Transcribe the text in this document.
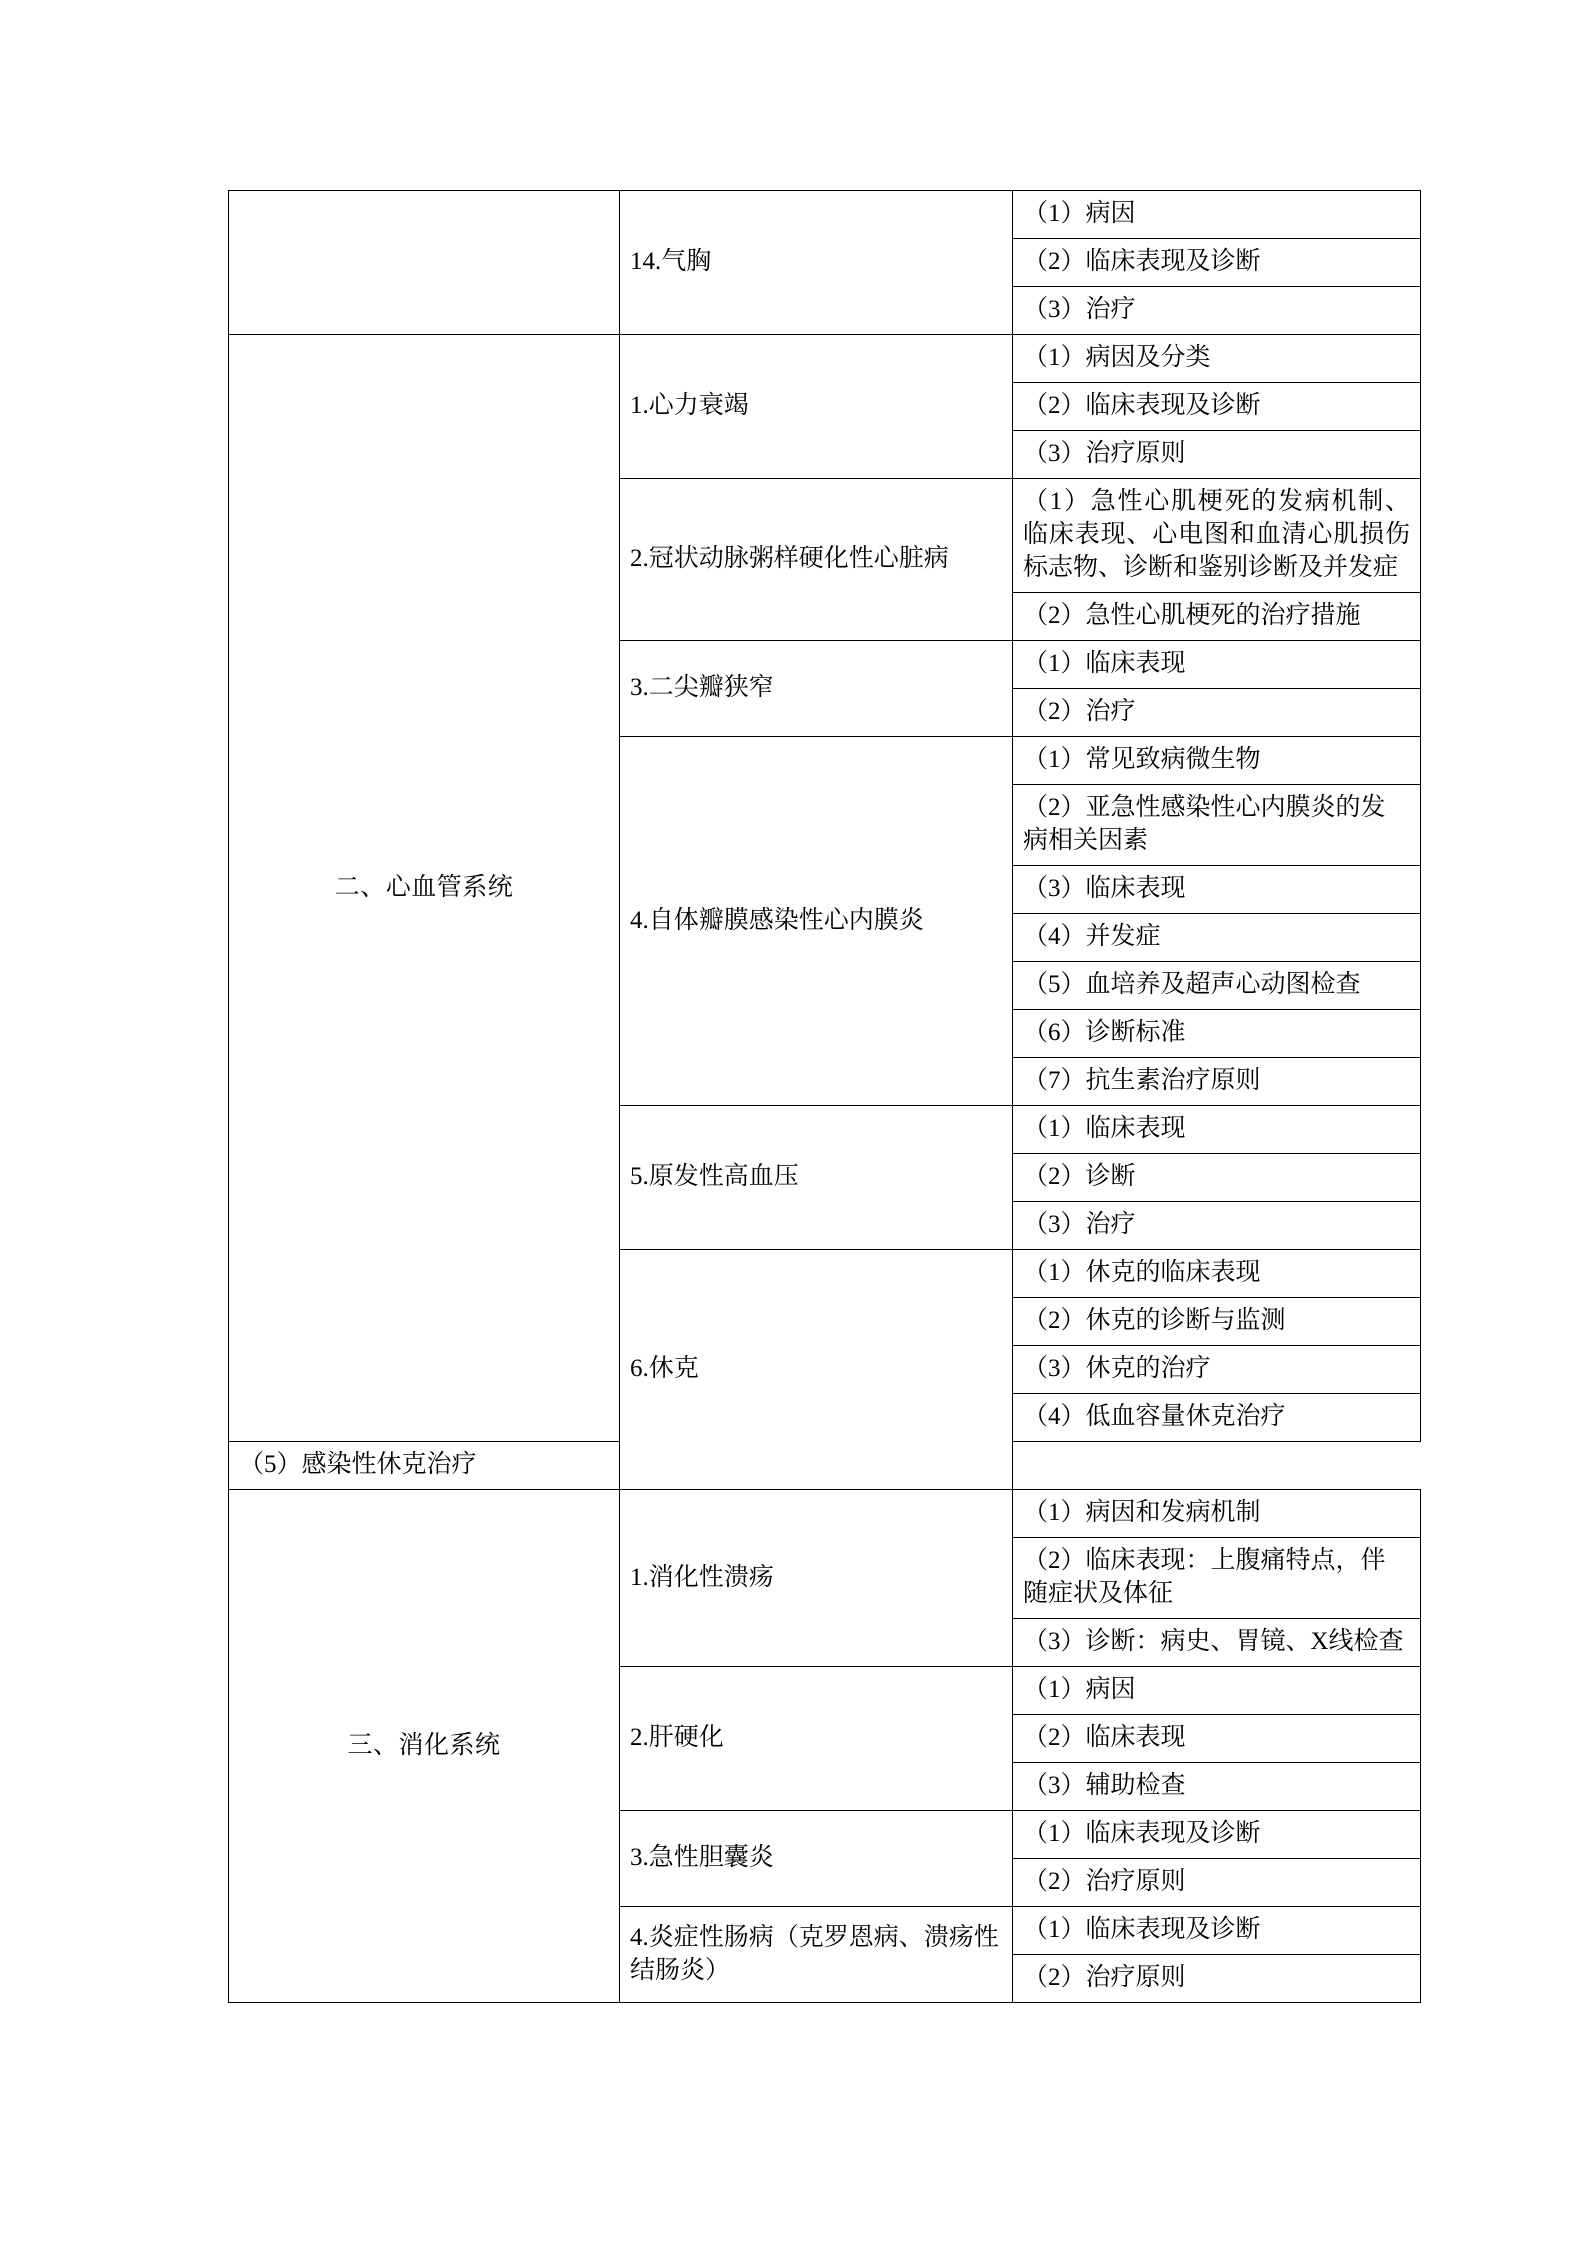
	14.气胸	（1）病因
		（2）临床表现及诊断
		（3）治疗
二、心血管系统	1.心力衰竭	（1）病因及分类
		（2）临床表现及诊断
		（3）治疗原则
	2.冠状动脉粥样硬化性心脏病	（1）急性心肌梗死的发病机制、临床表现、心电图和血清心肌损伤标志物、诊断和鉴别诊断及并发症
		（2）急性心肌梗死的治疗措施
	3.二尖瓣狭窄	（1）临床表现
		（2）治疗
	4.自体瓣膜感染性心内膜炎	（1）常见致病微生物
		（2）亚急性感染性心内膜炎的发病相关因素
		（3）临床表现
		（4）并发症
		（5）血培养及超声心动图检查
		（6）诊断标准
		（7）抗生素治疗原则
	5.原发性高血压	（1）临床表现
		（2）诊断
		（3）治疗
	6.休克	（1）休克的临床表现
		（2）休克的诊断与监测
		（3）休克的治疗
		（4）低血容量休克治疗
（5）感染性休克治疗		
三、消化系统	1.消化性溃疡	（1）病因和发病机制
		（2）临床表现：上腹痛特点，伴随症状及体征
		（3）诊断：病史、胃镜、X线检查
	2.肝硬化	（1）病因
		（2）临床表现
		（3）辅助检查
	3.急性胆囊炎	（1）临床表现及诊断
		（2）治疗原则
	4.炎症性肠病（克罗恩病、溃疡性结肠炎）	（1）临床表现及诊断
		（2）治疗原则
